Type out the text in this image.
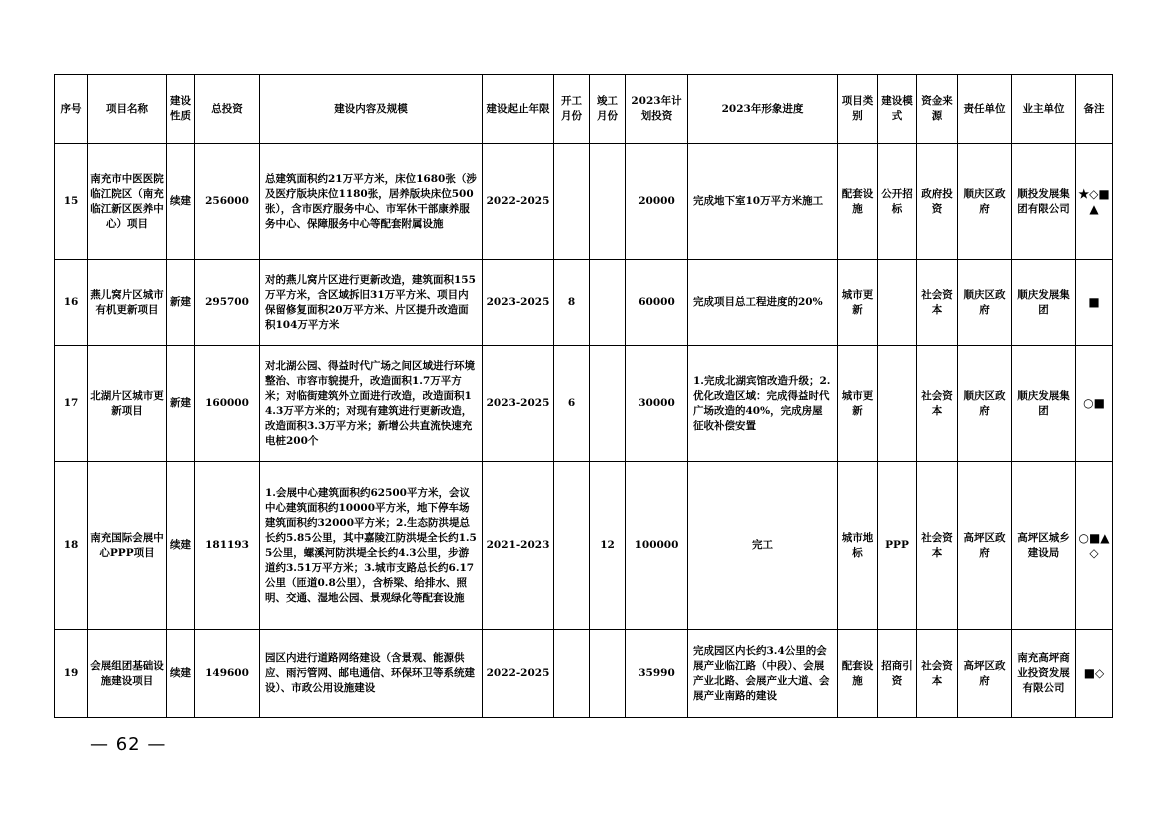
序号	项目名称	建设性质	总投资	建设内容及规模	建设起止年限	开工月份	竣工月份	2023年计划投资	2023年形象进度	项目类别	建设模式	资金来源	责任单位	业主单位	备注
15	南充市中医医院临江院区（南充临江新区医养中心）项目	续建	256000	总建筑面积约21万平方米，床位1680张（涉及医疗版块床位1180张，居养版块床位500张），含市医疗服务中心、市军休干部康养服务中心、保障服务中心等配套附属设施	2022-2025			20000	完成地下室10万平方米施工	配套设施	公开招标	政府投资	顺庆区政府	顺投发展集团有限公司	★◇■▲
16	燕儿窝片区城市有机更新项目	新建	295700	对的燕儿窝片区进行更新改造，建筑面积155万平方米，含区域拆旧31万平方米、项目内保留修复面积20万平方米、片区提升改造面积104万平方米	2023-2025	8		60000	完成项目总工程进度的20%	城市更新		社会资本	顺庆区政府	顺庆发展集团	■
17	北湖片区城市更新项目	新建	160000	对北湖公园、得益时代广场之间区域进行环境整治、市容市貌提升，改造面积1.7万平方米；对临街建筑外立面进行改造，改造面积14.3万平方米的；对现有建筑进行更新改造，改造面积3.3万平方米；新增公共直流快速充电桩200个	2023-2025	6		30000	1.完成北湖宾馆改造升级；2.优化改造区域：完成得益时代广场改造的40%，完成房屋征收补偿安置	城市更新		社会资本	顺庆区政府	顺庆发展集团	○■
18	南充国际会展中心PPP项目	续建	181193	1.会展中心建筑面积约62500平方米，会议中心建筑面积约10000平方米，地下停车场建筑面积约32000平方米；2.生态防洪堤总长约5.85公里，其中嘉陵江防洪堤全长约1.55公里，螺溪河防洪堤全长约4.3公里，步游道约3.51万平方米；3.城市支路总长约6.17公里（匝道0.8公里），含桥梁、给排水、照明、交通、湿地公园、景观绿化等配套设施	2021-2023		12	100000	完工	城市地标	PPP	社会资本	高坪区政府	高坪区城乡建设局	○■▲◇
19	会展组团基础设施建设项目	续建	149600	园区内进行道路网络建设（含景观、能源供应、雨污管网、邮电通信、环保环卫等系统建设）、市政公用设施建设	2022-2025			35990	完成园区内长约3.4公里的会展产业临江路（中段）、会展产业北路、会展产业大道、会展产业南路的建设	配套设施	招商引资	社会资本	高坪区政府	南充高坪商业投资发展有限公司	■◇
— 62 —
